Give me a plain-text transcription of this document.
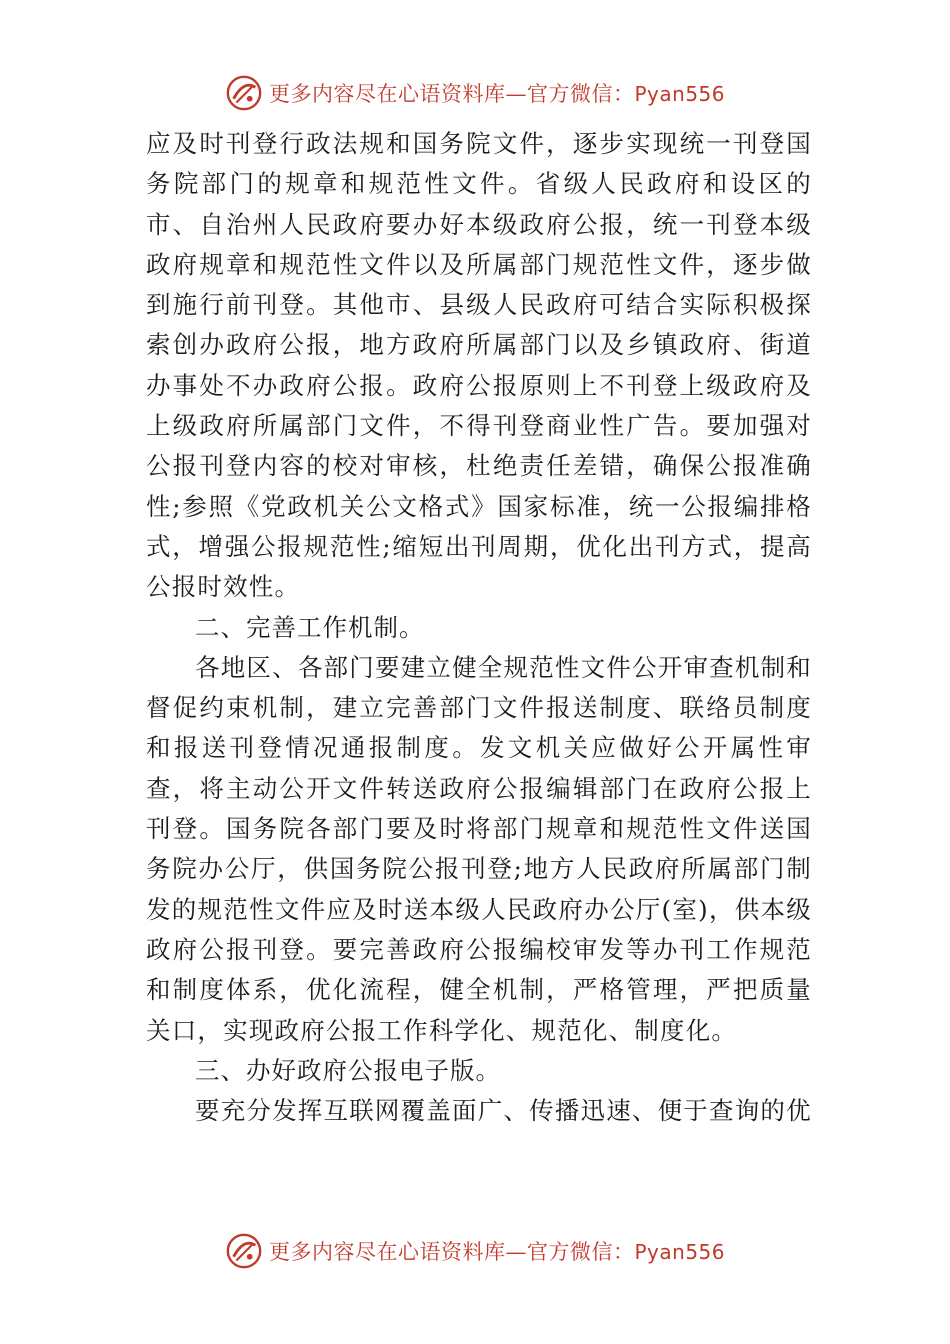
更多内容尽在心语资料库—官方微信：Pyan556

应及时刊登行政法规和国务院文件，逐步实现统一刊登国务院部门的规章和规范性文件。省级人民政府和设区的市、自治州人民政府要办好本级政府公报，统一刊登本级政府规章和规范性文件以及所属部门规范性文件，逐步做到施行前刊登。其他市、县级人民政府可结合实际积极探索创办政府公报，地方政府所属部门以及乡镇政府、街道办事处不办政府公报。政府公报原则上不刊登上级政府及上级政府所属部门文件，不得刊登商业性广告。要加强对公报刊登内容的校对审核，杜绝责任差错，确保公报准确性;参照《党政机关公文格式》国家标准，统一公报编排格式，增强公报规范性;缩短出刊周期，优化出刊方式，提高公报时效性。

二、完善工作机制。

各地区、各部门要建立健全规范性文件公开审查机制和督促约束机制，建立完善部门文件报送制度、联络员制度和报送刊登情况通报制度。发文机关应做好公开属性审查，将主动公开文件转送政府公报编辑部门在政府公报上刊登。国务院各部门要及时将部门规章和规范性文件送国务院办公厅，供国务院公报刊登;地方人民政府所属部门制发的规范性文件应及时送本级人民政府办公厅(室)，供本级政府公报刊登。要完善政府公报编校审发等办刊工作规范和制度体系，优化流程，健全机制，严格管理，严把质量关口，实现政府公报工作科学化、规范化、制度化。

三、办好政府公报电子版。

要充分发挥互联网覆盖面广、传播迅速、便于查询的优

更多内容尽在心语资料库—官方微信：Pyan556
